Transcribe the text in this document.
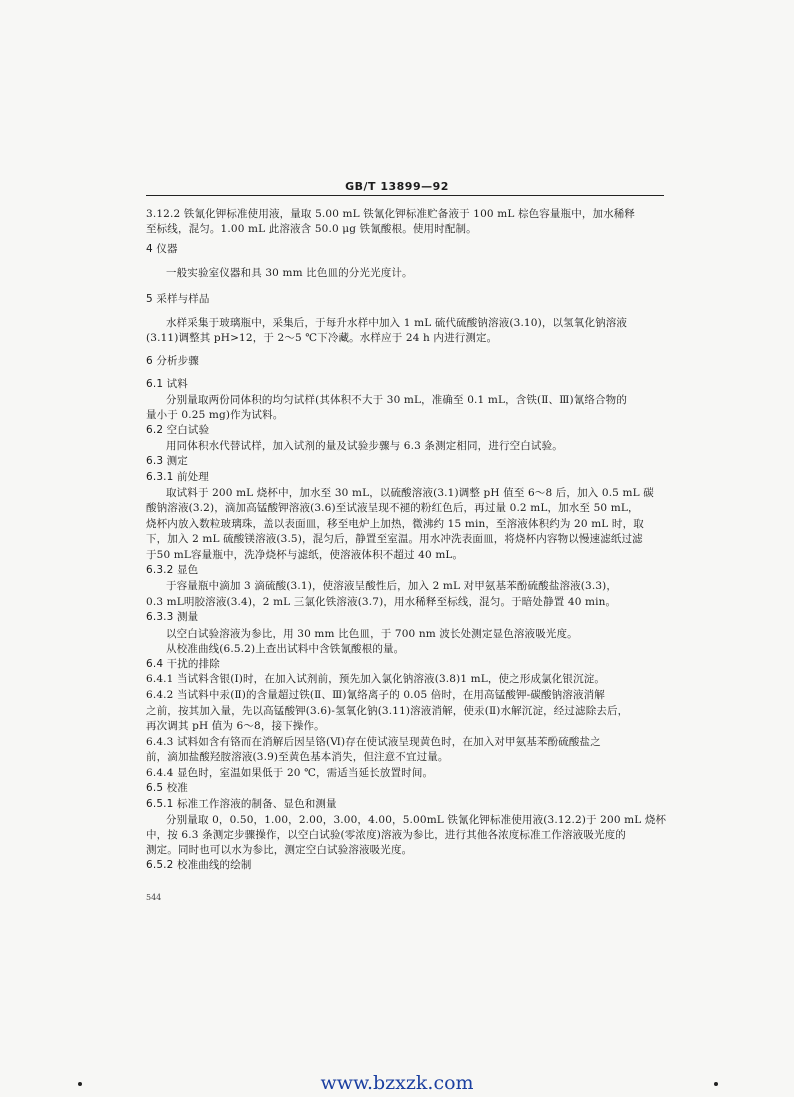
GB/T 13899—92
3.12.2 铁氰化钾标准使用液，量取 5.00 mL 铁氰化钾标准贮备液于 100 mL 棕色容量瓶中，加水稀释
至标线，混匀。1.00 mL 此溶液含 50.0 μg 铁氰酸根。使用时配制。
4 仪器
一般实验室仪器和具 30 mm 比色皿的分光光度计。
5 采样与样品
水样采集于玻璃瓶中，采集后，于每升水样中加入 1 mL 硫代硫酸钠溶液(3.10)，以氢氧化钠溶液
(3.11)调整其 pH>12，于 2～5 ℃下冷藏。水样应于 24 h 内进行测定。
6 分析步骤
6.1 试料
分别量取两份同体积的均匀试样(其体积不大于 30 mL，准确至 0.1 mL，含铁(Ⅱ、Ⅲ)氰络合物的
量小于 0.25 mg)作为试料。
6.2 空白试验
用同体积水代替试样，加入试剂的量及试验步骤与 6.3 条测定相同，进行空白试验。
6.3 测定
6.3.1 前处理
取试料于 200 mL 烧杯中，加水至 30 mL，以硫酸溶液(3.1)调整 pH 值至 6～8 后，加入 0.5 mL 碳
酸钠溶液(3.2)，滴加高锰酸钾溶液(3.6)至试液呈现不褪的粉红色后，再过量 0.2 mL，加水至 50 mL，
烧杯内放入数粒玻璃珠，盖以表面皿，移至电炉上加热，微沸约 15 min，至溶液体积约为 20 mL 时，取
下，加入 2 mL 硫酸镁溶液(3.5)，混匀后，静置至室温。用水冲洗表面皿，将烧杯内容物以慢速滤纸过滤
于50 mL容量瓶中，洗净烧杯与滤纸，使溶液体积不超过 40 mL。
6.3.2 显色
于容量瓶中滴加 3 滴硫酸(3.1)，使溶液呈酸性后，加入 2 mL 对甲氨基苯酚硫酸盐溶液(3.3)，
0.3 mL明胶溶液(3.4)，2 mL 三氯化铁溶液(3.7)，用水稀释至标线，混匀。于暗处静置 40 min。
6.3.3 测量
以空白试验溶液为参比，用 30 mm 比色皿，于 700 nm 波长处测定显色溶液吸光度。
从校准曲线(6.5.2)上查出试料中含铁氰酸根的量。
6.4 干扰的排除
6.4.1 当试料含银(Ⅰ)时，在加入试剂前，预先加入氯化钠溶液(3.8)1 mL，使之形成氯化银沉淀。
6.4.2 当试料中汞(Ⅱ)的含量超过铁(Ⅱ、Ⅲ)氰络离子的 0.05 倍时，在用高锰酸钾-碳酸钠溶液消解
之前，按其加入量，先以高锰酸钾(3.6)-氢氧化钠(3.11)溶液消解，使汞(Ⅱ)水解沉淀，经过滤除去后，
再次调其 pH 值为 6～8，接下操作。
6.4.3 试料如含有铬而在消解后因呈铬(Ⅵ)存在使试液呈现黄色时，在加入对甲氨基苯酚硫酸盐之
前，滴加盐酸羟胺溶液(3.9)至黄色基本消失，但注意不宜过量。
6.4.4 显色时，室温如果低于 20 ℃，需适当延长放置时间。
6.5 校准
6.5.1 标准工作溶液的制备、显色和测量
分别量取 0，0.50，1.00，2.00，3.00，4.00，5.00mL 铁氰化钾标准使用液(3.12.2)于 200 mL 烧杯
中，按 6.3 条测定步骤操作，以空白试验(零浓度)溶液为参比，进行其他各浓度标准工作溶液吸光度的
测定。同时也可以水为参比，测定空白试验溶液吸光度。
6.5.2 校准曲线的绘制
544
www.bzxzk.com
